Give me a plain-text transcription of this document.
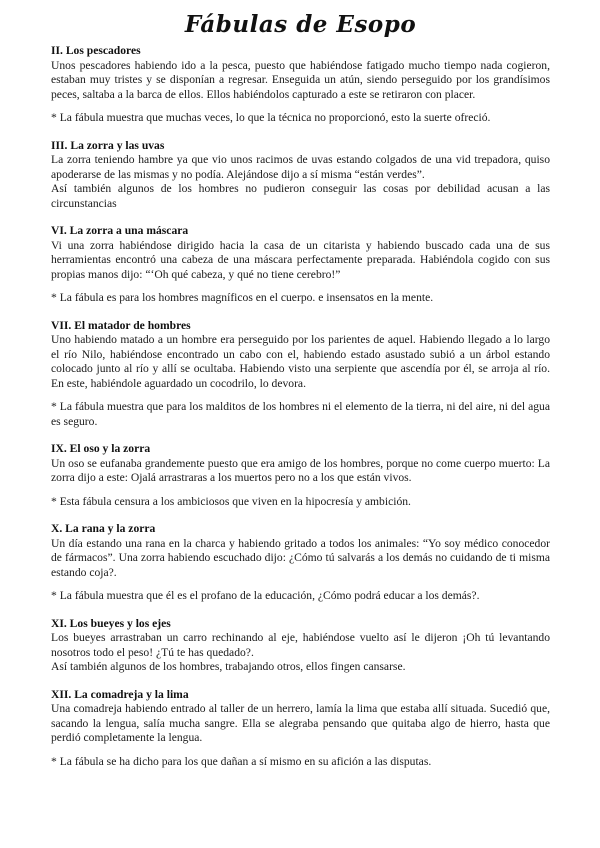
Fábulas de Esopo
II. Los pescadores

Unos pescadores habiendo ido a la pesca, puesto que habiéndose fatigado mucho tiempo nada cogieron, estaban muy tristes y se disponían a regresar. Enseguida un atún, siendo perseguido por los grandísimos peces, saltaba a la barca de ellos. Ellos habiéndolos capturado a este se retiraron con placer.

* La fábula muestra que muchas veces, lo que la técnica no proporcionó, esto la suerte ofreció.

III. La zorra y las uvas

La zorra teniendo hambre ya que vio unos racimos de uvas estando colgados de una vid trepadora, quiso apoderarse de las mismas y no podía. Alejándose dijo a sí misma “están verdes”.

Así también algunos de los hombres no pudieron conseguir las cosas por debilidad acusan a las circunstancias

VI. La zorra a una máscara

Vi una zorra habiéndose dirigido hacia la casa de un citarista y habiendo buscado cada una de sus herramientas encontró una cabeza de una máscara perfectamente preparada. Habiéndola cogido con sus propias manos dijo: “‘Oh qué cabeza, y qué no tiene cerebro!”

* La fábula es para los hombres magníficos en el cuerpo. e insensatos en la mente.

VII. El matador de hombres

Uno habiendo matado a un hombre era perseguido por los parientes de aquel. Habiendo llegado a lo largo el río Nilo, habiéndose encontrado un cabo con el, habiendo estado asustado subió a un árbol estando colocado junto al río y allí se ocultaba. Habiendo visto una serpiente que ascendía por él, se arroja al río. En este, habiéndole aguardado un cocodrilo, lo devora.

* La fábula muestra que para los malditos de los hombres ni el elemento de la tierra, ni del aire, ni del agua es seguro.

IX. El oso y la zorra

Un oso se eufanaba grandemente puesto que era amigo de los hombres, porque no come cuerpo muerto: La zorra dijo a este: Ojalá arrastraras a los muertos pero no a los que están vivos.

* Esta fábula censura a los ambiciosos que viven en la hipocresía y ambición.

X. La rana y la zorra

Un día estando una rana en la charca y habiendo gritado a todos los animales: “Yo soy médico conocedor de fármacos”. Una zorra habiendo escuchado dijo: ¿Cómo tú salvarás a los demás no cuidando de ti misma estando coja?.

* La fábula muestra que él es el profano de la educación, ¿Cómo podrá educar a los demás?.

XI. Los bueyes y los ejes

Los bueyes arrastraban un carro rechinando al eje, habiéndose vuelto así le dijeron ¡Oh tú levantando nosotros todo el peso! ¿Tú te has quedado?.

Así también algunos de los hombres, trabajando otros, ellos fingen cansarse.

XII. La comadreja y la lima

Una comadreja habiendo entrado al taller de un herrero, lamía la lima que estaba allí situada. Sucedió que, sacando la lengua, salía mucha sangre. Ella se alegraba pensando que quitaba algo de hierro, hasta que perdió completamente la lengua.

* La fábula se ha dicho para los que dañan a sí mismo en su afición a las disputas.
